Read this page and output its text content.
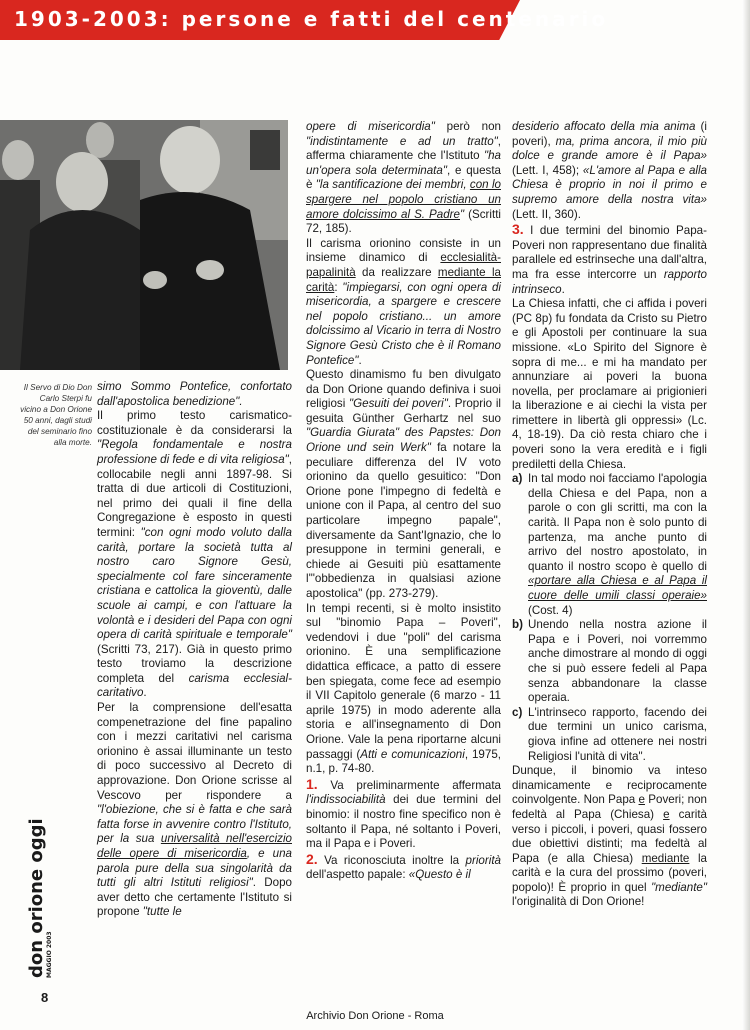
1903-2003: persone e fatti del centenario
Il Servo di Dio Don Carlo Sterpi fu vicino a Don Orione 50 anni, dagli studi del seminario fino alla morte.

simo Sommo Pontefice, confortato dall'apostolica benedizione".

Il primo testo carismatico-costituzionale è da considerarsi la "Regola fondamentale e nostra professione di fede e di vita religiosa", collocabile negli anni 1897-98. Si tratta di due articoli di Costituzioni, nel primo dei quali il fine della Congregazione è esposto in questi termini: "con ogni modo voluto dalla carità, portare la società tutta al nostro caro Signore Gesù, specialmente col fare sinceramente cristiana e cattolica la gioventù, dalle scuole ai campi, e con l'attuare la volontà e i desideri del Papa con ogni opera di carità spirituale e temporale" (Scritti 73, 217). Già in questo primo testo troviamo la descrizione completa del carisma ecclesial-caritativo.

Per la comprensione dell'esatta compenetrazione del fine papalino con i mezzi caritativi nel carisma orionino è assai illuminante un testo di poco successivo al Decreto di approvazione. Don Orione scrisse al Vescovo per rispondere a "l'obiezione, che si è fatta e che sarà fatta forse in avvenire contro l'Istituto, per la sua universalità nell'esercizio delle opere di misericordia, e una parola pure della sua singolarità da tutti gli altri Istituti religiosi". Dopo aver detto che certamente l'Istituto si propone "tutte le

opere di misericordia" però non "indistintamente e ad un tratto", afferma chiaramente che l'Istituto "ha un'opera sola determinata", e questa è "la santificazione dei membri, con lo spargere nel popolo cristiano un amore dolcissimo al S. Padre" (Scritti 72, 185).

Il carisma orionino consiste in un insieme dinamico di ecclesialità-papalinità da realizzare mediante la carità: "impiegarsi, con ogni opera di misericordia, a spargere e crescere nel popolo cristiano... un amore dolcissimo al Vicario in terra di Nostro Signore Gesù Cristo che è il Romano Pontefice".

Questo dinamismo fu ben divulgato da Don Orione quando definiva i suoi religiosi "Gesuiti dei poveri". Proprio il gesuita Günther Gerhartz nel suo "Guardia Giurata" des Papstes: Don Orione und sein Werk" fa notare la peculiare differenza del IV voto orionino da quello gesuitico: "Don Orione pone l'impegno di fedeltà e unione con il Papa, al centro del suo particolare impegno papale", diversamente da Sant'Ignazio, che lo presuppone in termini generali, e chiede ai Gesuiti più esattamente l'"obbedienza in qualsiasi azione apostolica" (pp. 273-279).

In tempi recenti, si è molto insistito sul "binomio Papa – Poveri", vedendovi i due "poli" del carisma orionino. È una semplificazione didattica efficace, a patto di essere ben spiegata, come fece ad esempio il VII Capitolo generale (6 marzo - 11 aprile 1975) in modo aderente alla storia e all'insegnamento di Don Orione. Vale la pena riportarne alcuni passaggi (Atti e comunicazioni, 1975, n.1, p. 74-80.

1. Va preliminarmente affermata l'indissociabilità dei due termini del binomio: il nostro fine specifico non è soltanto il Papa, né soltanto i Poveri, ma il Papa e i Poveri.

2. Va riconosciuta inoltre la priorità dell'aspetto papale: «Questo è il

desiderio affocato della mia anima (i poveri), ma, prima ancora, il mio più dolce e grande amore è il Papa» (Lett. I, 458); «L'amore al Papa e alla Chiesa è proprio in noi il primo e supremo amore della nostra vita» (Lett. II, 360).

3. I due termini del binomio Papa-Poveri non rappresentano due finalità parallele ed estrinseche una dall'altra, ma fra esse intercorre un rapporto intrinseco.

La Chiesa infatti, che ci affida i poveri (PC 8p) fu fondata da Cristo su Pietro e gli Apostoli per continuare la sua missione. «Lo Spirito del Signore è sopra di me... e mi ha mandato per annunziare ai poveri la buona novella, per proclamare ai prigionieri la liberazione e ai ciechi la vista per rimettere in libertà gli oppressi» (Lc. 4, 18-19). Da ciò resta chiaro che i poveri sono la vera eredità e i figli prediletti della Chiesa.

a) In tal modo noi facciamo l'apologia della Chiesa e del Papa, non a parole o con gli scritti, ma con la carità. Il Papa non è solo punto di partenza, ma anche punto di arrivo del nostro apostolato, in quanto il nostro scopo è quello di «portare alla Chiesa e al Papa il cuore delle umili classi operaie» (Cost. 4)
b) Unendo nella nostra azione il Papa e i Poveri, noi vorremmo anche dimostrare al mondo di oggi che si può essere fedeli al Papa senza abbandonare la classe operaia.
c) L'intrinseco rapporto, facendo dei due termini un unico carisma, giova infine ad ottenere nei nostri Religiosi l'unità di vita".

Dunque, il binomio va inteso dinamicamente e reciprocamente coinvolgente. Non Papa e Poveri; non fedeltà al Papa (Chiesa) e carità verso i piccoli, i poveri, quasi fossero due obiettivi distinti; ma fedeltà al Papa (e alla Chiesa) mediante la carità e la cura del prossimo (poveri, popolo)! È proprio in quel "mediante" l'originalità di Don Orione!

don orione oggi MAGGIO 2003
8
Archivio Don Orione - Roma
